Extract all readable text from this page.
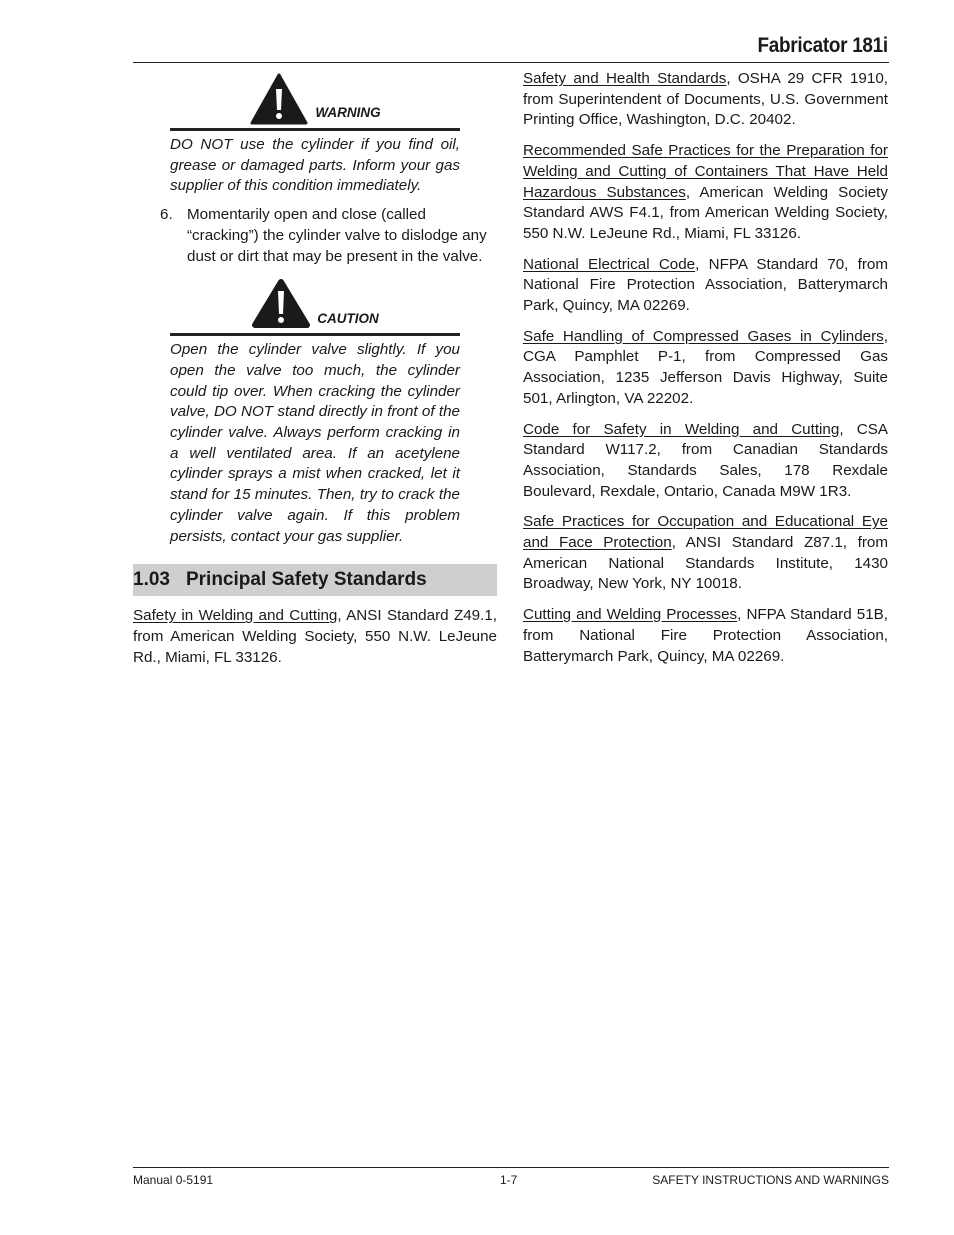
Fabricator 181i
WARNING
DO NOT use the cylinder if you find oil, grease or damaged parts. Inform your gas supplier of this condition immediately.
6. Momentarily open and close (called “cracking”) the cylinder valve to dislodge any dust or dirt that may be present in the valve.
CAUTION
Open the cylinder valve slightly. If you open the valve too much, the cylinder could tip over. When cracking the cylinder valve, DO NOT stand directly in front of the cylinder valve. Always perform cracking in a well ventilated area. If an acetylene cylinder sprays a mist when cracked, let it stand for 15 minutes. Then, try to crack the cylinder valve again. If this problem persists, contact your gas supplier.
1.03 Principal Safety Standards

Safety in Welding and Cutting, ANSI Standard Z49.1, from American Welding Society, 550 N.W. LeJeune Rd., Miami, FL 33126.

Safety and Health Standards, OSHA 29 CFR 1910, from Superintendent of Documents, U.S. Government Printing Office, Washington, D.C. 20402.

Recommended Safe Practices for the Preparation for Welding and Cutting of Containers That Have Held Hazardous Substances, American Welding Society Standard AWS F4.1, from American Welding Society, 550 N.W. LeJeune Rd., Miami, FL 33126.

National Electrical Code, NFPA Standard 70, from National Fire Protection Association, Batterymarch Park, Quincy, MA 02269.

Safe Handling of Compressed Gases in Cylinders, CGA Pamphlet P-1, from Compressed Gas Association, 1235 Jefferson Davis Highway, Suite 501, Arlington, VA 22202.

Code for Safety in Welding and Cutting, CSA Standard W117.2, from Canadian Standards Association, Standards Sales, 178 Rexdale Boulevard, Rexdale, Ontario, Canada M9W 1R3.

Safe Practices for Occupation and Educational Eye and Face Protection, ANSI Standard Z87.1, from American National Standards Institute, 1430 Broadway, New York, NY 10018.

Cutting and Welding Processes, NFPA Standard 51B, from National Fire Protection Association, Batterymarch Park, Quincy, MA 02269.

Manual 0-5191	1-7	SAFETY INSTRUCTIONS AND WARNINGS
